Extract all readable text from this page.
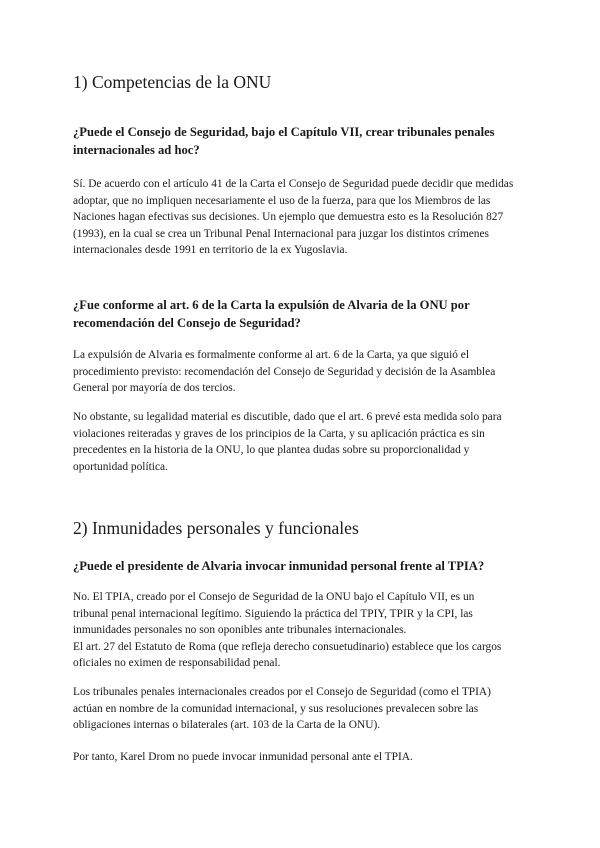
1) Competencias de la ONU
¿Puede el Consejo de Seguridad, bajo el Capítulo VII, crear tribunales penales
internacionales ad hoc?
Sí. De acuerdo con el artículo 41 de la Carta el Consejo de Seguridad puede decidir que medidas
adoptar, que no impliquen necesariamente el uso de la fuerza, para que los Miembros de las
Naciones hagan efectivas sus decisiones. Un ejemplo que demuestra esto es la Resolución 827
(1993), en la cual se crea un Tribunal Penal Internacional para juzgar los distintos crímenes
internacionales desde 1991 en territorio de la ex Yugoslavia.
¿Fue conforme al art. 6 de la Carta la expulsión de Alvaria de la ONU por
recomendación del Consejo de Seguridad?
La expulsión de Alvaria es formalmente conforme al art. 6 de la Carta, ya que siguió el
procedimiento previsto: recomendación del Consejo de Seguridad y decisión de la Asamblea
General por mayoría de dos tercios.
No obstante, su legalidad material es discutible, dado que el art. 6 prevé esta medida solo para
violaciones reiteradas y graves de los principios de la Carta, y su aplicación práctica es sin
precedentes en la historia de la ONU, lo que plantea dudas sobre su proporcionalidad y
oportunidad política.
2) Inmunidades personales y funcionales
¿Puede el presidente de Alvaria invocar inmunidad personal frente al TPIA?
No. El TPIA, creado por el Consejo de Seguridad de la ONU bajo el Capítulo VII, es un
tribunal penal internacional legítimo. Siguiendo la práctica del TPIY, TPIR y la CPI, las
inmunidades personales no son oponibles ante tribunales internacionales.
El art. 27 del Estatuto de Roma (que refleja derecho consuetudinario) establece que los cargos
oficiales no eximen de responsabilidad penal.
Los tribunales penales internacionales creados por el Consejo de Seguridad (como el TPIA)
actúan en nombre de la comunidad internacional, y sus resoluciones prevalecen sobre las
obligaciones internas o bilaterales (art. 103 de la Carta de la ONU).
Por tanto, Karel Drom no puede invocar inmunidad personal ante el TPIA.
